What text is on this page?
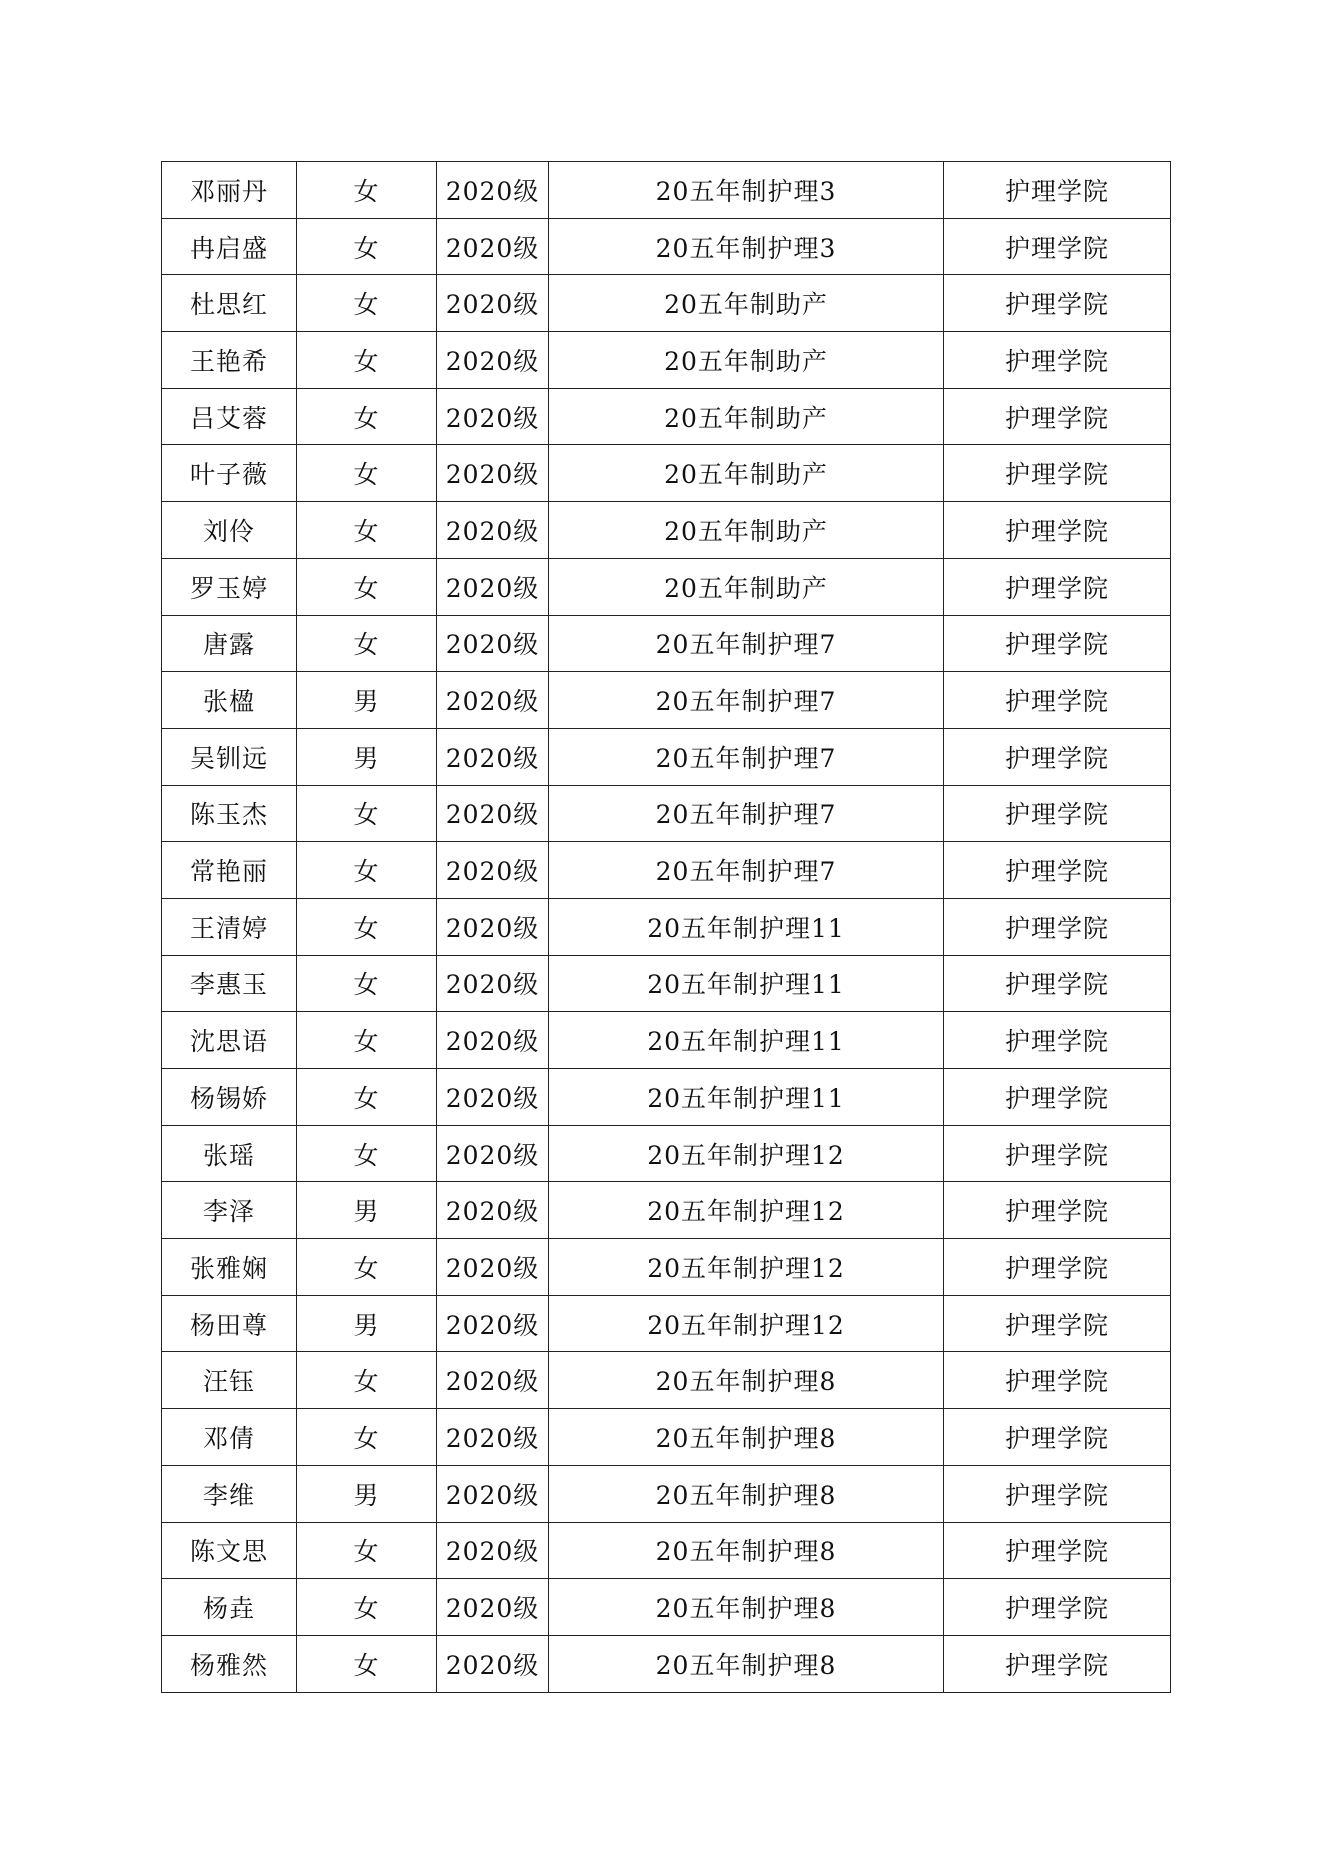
邓丽丹	女	2020级	20五年制护理3	护理学院
冉启盛	女	2020级	20五年制护理3	护理学院
杜思红	女	2020级	20五年制助产	护理学院
王艳希	女	2020级	20五年制助产	护理学院
吕艾蓉	女	2020级	20五年制助产	护理学院
叶子薇	女	2020级	20五年制助产	护理学院
刘伶	女	2020级	20五年制助产	护理学院
罗玉婷	女	2020级	20五年制助产	护理学院
唐露	女	2020级	20五年制护理7	护理学院
张楹	男	2020级	20五年制护理7	护理学院
吴钏远	男	2020级	20五年制护理7	护理学院
陈玉杰	女	2020级	20五年制护理7	护理学院
常艳丽	女	2020级	20五年制护理7	护理学院
王清婷	女	2020级	20五年制护理11	护理学院
李惠玉	女	2020级	20五年制护理11	护理学院
沈思语	女	2020级	20五年制护理11	护理学院
杨锡娇	女	2020级	20五年制护理11	护理学院
张瑶	女	2020级	20五年制护理12	护理学院
李泽	男	2020级	20五年制护理12	护理学院
张雅娴	女	2020级	20五年制护理12	护理学院
杨田尊	男	2020级	20五年制护理12	护理学院
汪钰	女	2020级	20五年制护理8	护理学院
邓倩	女	2020级	20五年制护理8	护理学院
李维	男	2020级	20五年制护理8	护理学院
陈文思	女	2020级	20五年制护理8	护理学院
杨垚	女	2020级	20五年制护理8	护理学院
杨雅然	女	2020级	20五年制护理8	护理学院
